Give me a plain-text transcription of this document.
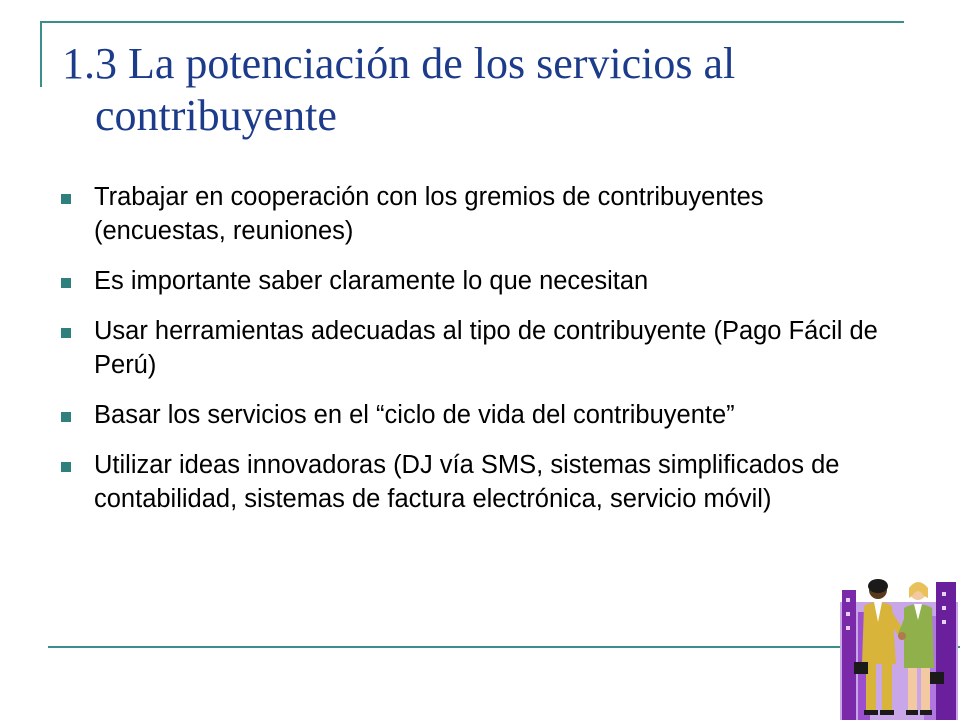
1.3 La potenciación de los servicios al
contribuyente
Trabajar en cooperación con los gremios de contribuyentes (encuestas, reuniones)
Es importante saber claramente lo que necesitan
Usar herramientas adecuadas al tipo de contribuyente (Pago Fácil de Perú)
Basar los servicios en el “ciclo de vida del contribuyente”
Utilizar ideas innovadoras (DJ vía SMS, sistemas simplificados de contabilidad, sistemas de factura electrónica, servicio móvil)
